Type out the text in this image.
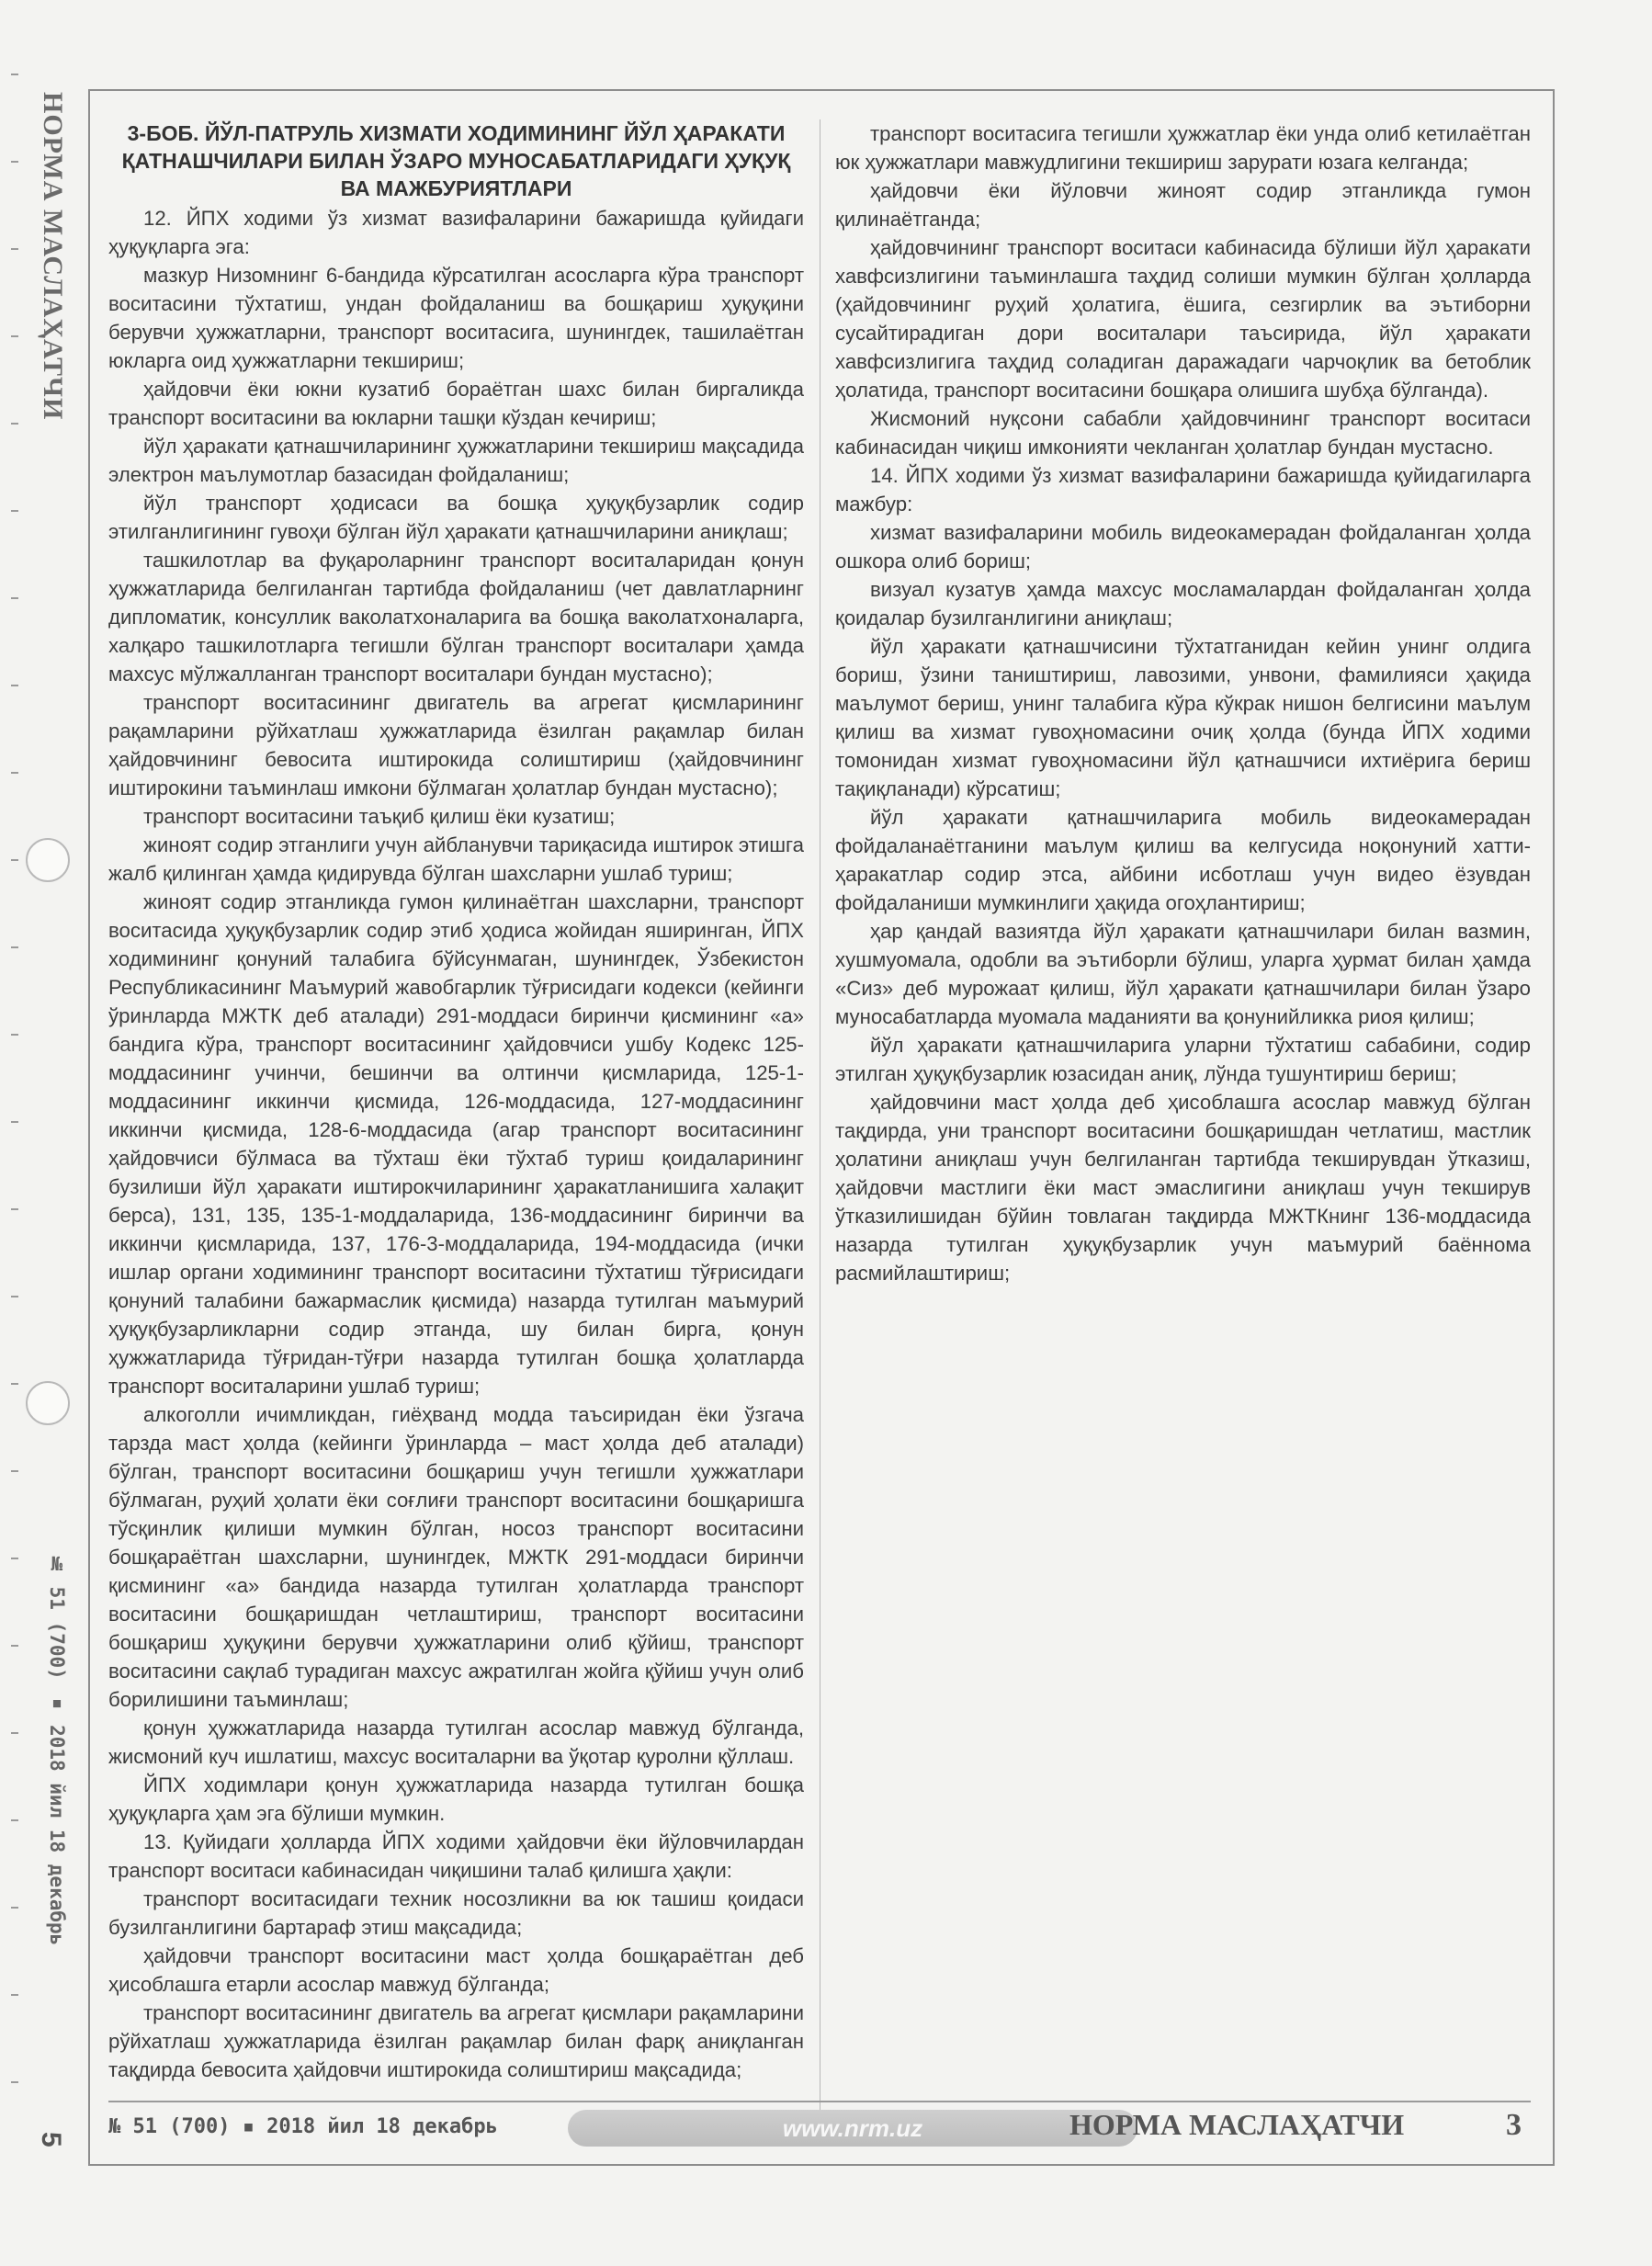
НОРМА МАСЛАҲАТЧИ
№ 51 (700) ▪ 2018 йил 18 декабрь
5
3-БОБ. ЙЎЛ-ПАТРУЛЬ ХИЗМАТИ ХОДИМИНИНГ ЙЎЛ ҲАРАКАТИ ҚАТНАШЧИЛАРИ БИЛАН ЎЗАРО МУНОСАБАТЛАРИДАГИ ҲУҚУҚ ВА МАЖБУРИЯТЛАРИ

12. ЙПХ ходими ўз хизмат вазифаларини бажаришда қуйидаги ҳуқуқларга эга:

мазкур Низомнинг 6-бандида кўрсатилган асосларга кўра транспорт воситасини тўхтатиш, ундан фойдаланиш ва бошқариш ҳуқуқини берувчи ҳужжатларни, транспорт воситасига, шунингдек, ташилаётган юкларга оид ҳужжатларни текшириш;

ҳайдовчи ёки юкни кузатиб бораётган шахс билан биргаликда транспорт воситасини ва юкларни ташқи кўздан кечириш;

йўл ҳаракати қатнашчиларининг ҳужжатларини текшириш мақсадида электрон маълумотлар базасидан фойдаланиш;

йўл транспорт ҳодисаси ва бошқа ҳуқуқбузарлик содир этилганлигининг гувоҳи бўлган йўл ҳаракати қатнашчиларини аниқлаш;

ташкилотлар ва фуқароларнинг транспорт воситаларидан қонун ҳужжатларида белгиланган тартибда фойдаланиш (чет давлатларнинг дипломатик, консуллик ваколатхоналарига ва бошқа ваколатхоналарга, халқаро ташкилотларга тегишли бўлган транспорт воситалари ҳамда махсус мўлжалланган транспорт воситалари бундан мустасно);

транспорт воситасининг двигатель ва агрегат қисмларининг рақамларини рўйхатлаш ҳужжатларида ёзилган рақамлар билан ҳайдовчининг бевосита иштирокида солиштириш (ҳайдовчининг иштирокини таъминлаш имкони бўлмаган ҳолатлар бундан мустасно);

транспорт воситасини таъқиб қилиш ёки кузатиш;

жиноят содир этганлиги учун айбланувчи тариқасида иштирок этишга жалб қилинган ҳамда қидирувда бўлган шахсларни ушлаб туриш;

жиноят содир этганликда гумон қилинаётган шахсларни, транспорт воситасида ҳуқуқбузарлик содир этиб ҳодиса жойидан яширинган, ЙПХ ходимининг қонуний талабига бўйсунмаган, шунингдек, Ўзбекистон Республикасининг Маъмурий жавобгарлик тўғрисидаги кодекси (кейинги ўринларда МЖТК деб аталади) 291-моддаси биринчи қисмининг «а» бандига кўра, транспорт воситасининг ҳайдовчиси ушбу Кодекс 125-моддасининг учинчи, бешинчи ва олтинчи қисмларида, 125-1-моддасининг иккинчи қисмида, 126-моддасида, 127-моддасининг иккинчи қисмида, 128-6-моддасида (агар транспорт воситасининг ҳайдовчиси бўлмаса ва тўхташ ёки тўхтаб туриш қоидаларининг бузилиши йўл ҳаракати иштирокчиларининг ҳаракатланишига халақит берса), 131, 135, 135-1-моддаларида, 136-моддасининг биринчи ва иккинчи қисмларида, 137, 176-3-моддаларида, 194-моддасида (ички ишлар органи ходимининг транспорт воситасини тўхтатиш тўғрисидаги қонуний талабини бажармаслик қисмида) назарда тутилган маъмурий ҳуқуқбузарликларни содир этганда, шу билан бирга, қонун ҳужжатларида тўғридан-тўғри назарда тутилган бошқа ҳолатларда транспорт воситаларини ушлаб туриш;

алкоголли ичимликдан, гиёҳванд модда таъсиридан ёки ўзгача тарзда маст ҳолда (кейинги ўринларда – маст ҳолда деб аталади) бўлган, транспорт воситасини бошқариш учун тегишли ҳужжатлари бўлмаган, руҳий ҳолати ёки соғлиғи транспорт воситасини бошқаришга тўсқинлик қилиши мумкин бўлган, носоз транспорт воситасини бошқараётган шахсларни, шунингдек, МЖТК 291-моддаси биринчи қисмининг «а» бандида назарда тутилган ҳолатларда транспорт воситасини бошқаришдан четлаштириш, транспорт воситасини бошқариш ҳуқуқини берувчи ҳужжатларини олиб қўйиш, транспорт воситасини сақлаб турадиган махсус ажратилган жойга қўйиш учун олиб борилишини таъминлаш;

қонун ҳужжатларида назарда тутилган асослар мавжуд бўлганда, жисмоний куч ишлатиш, махсус воситаларни ва ўқотар қуролни қўллаш.

ЙПХ ходимлари қонун ҳужжатларида назарда тутилган бошқа ҳуқуқларга ҳам эга бўлиши мумкин.

13. Қуйидаги ҳолларда ЙПХ ходими ҳайдовчи ёки йўловчилардан транспорт воситаси кабинасидан чиқишини талаб қилишга ҳақли:

транспорт воситасидаги техник носозликни ва юк ташиш қоидаси бузилганлигини бартараф этиш мақсадида;

ҳайдовчи транспорт воситасини маст ҳолда бошқараётган деб ҳисоблашга етарли асослар мавжуд бўлганда;

транспорт воситасининг двигатель ва агрегат қисмлари рақамларини рўйхатлаш ҳужжатларида ёзилган рақамлар билан фарқ аниқланган тақдирда бевосита ҳайдовчи иштирокида солиштириш мақсадида;

транспорт воситасига тегишли ҳужжатлар ёки унда олиб кетилаётган юк ҳужжатлари мавжудлигини текшириш зарурати юзага келганда;

ҳайдовчи ёки йўловчи жиноят содир этганликда гумон қилинаётганда;

ҳайдовчининг транспорт воситаси кабинасида бўлиши йўл ҳаракати хавфсизлигини таъминлашга таҳдид солиши мумкин бўлган ҳолларда (ҳайдовчининг руҳий ҳолатига, ёшига, сезгирлик ва эътиборни сусайтирадиган дори воситалари таъсирида, йўл ҳаракати хавфсизлигига таҳдид соладиган даражадаги чарчоқлик ва бетоблик ҳолатида, транспорт воситасини бошқара олишига шубҳа бўлганда).

Жисмоний нуқсони сабабли ҳайдовчининг транспорт воситаси кабинасидан чиқиш имконияти чекланган ҳолатлар бундан мустасно.

14. ЙПХ ходими ўз хизмат вазифаларини бажаришда қуйидагиларга мажбур:

хизмат вазифаларини мобиль видеокамерадан фойдаланган ҳолда ошкора олиб бориш;

визуал кузатув ҳамда махсус мосламалардан фойдаланган ҳолда қоидалар бузилганлигини аниқлаш;

йўл ҳаракати қатнашчисини тўхтатганидан кейин унинг олдига бориш, ўзини таништириш, лавозими, унвони, фамилияси ҳақида маълумот бериш, унинг талабига кўра кўкрак нишон белгисини маълум қилиш ва хизмат гувоҳномасини очиқ ҳолда (бунда ЙПХ ходими томонидан хизмат гувоҳномасини йўл қатнашчиси ихтиёрига бериш тақиқланади) кўрсатиш;

йўл ҳаракати қатнашчиларига мобиль видеокамерадан фойдаланаётганини маълум қилиш ва келгусида ноқонуний хатти-ҳаракатлар содир этса, айбини исботлаш учун видео ёзувдан фойдаланиши мумкинлиги ҳақида огоҳлантириш;

ҳар қандай вазиятда йўл ҳаракати қатнашчилари билан вазмин, хушмуомала, одобли ва эътиборли бўлиш, уларга ҳурмат билан ҳамда «Сиз» деб мурожаат қилиш, йўл ҳаракати қатнашчилари билан ўзаро муносабатларда муомала маданияти ва қонунийликка риоя қилиш;

йўл ҳаракати қатнашчиларига уларни тўхтатиш сабабини, содир этилган ҳуқуқбузарлик юзасидан аниқ, лўнда тушунтириш бериш;

ҳайдовчини маст ҳолда деб ҳисоблашга асослар мавжуд бўлган тақдирда, уни транспорт воситасини бошқаришдан четлатиш, мастлик ҳолатини аниқлаш учун белгиланган тартибда текширувдан ўтказиш, ҳайдовчи мастлиги ёки маст эмаслигини аниқлаш учун текширув ўтказилишидан бўйин товлаган тақдирда МЖТКнинг 136-моддасида назарда тутилган ҳуқуқбузарлик учун маъмурий баённома расмийлаштириш;

№ 51 (700) ▪ 2018 йил 18 декабрь	www.nrm.uz	НОРМА МАСЛАҲАТЧИ	3
